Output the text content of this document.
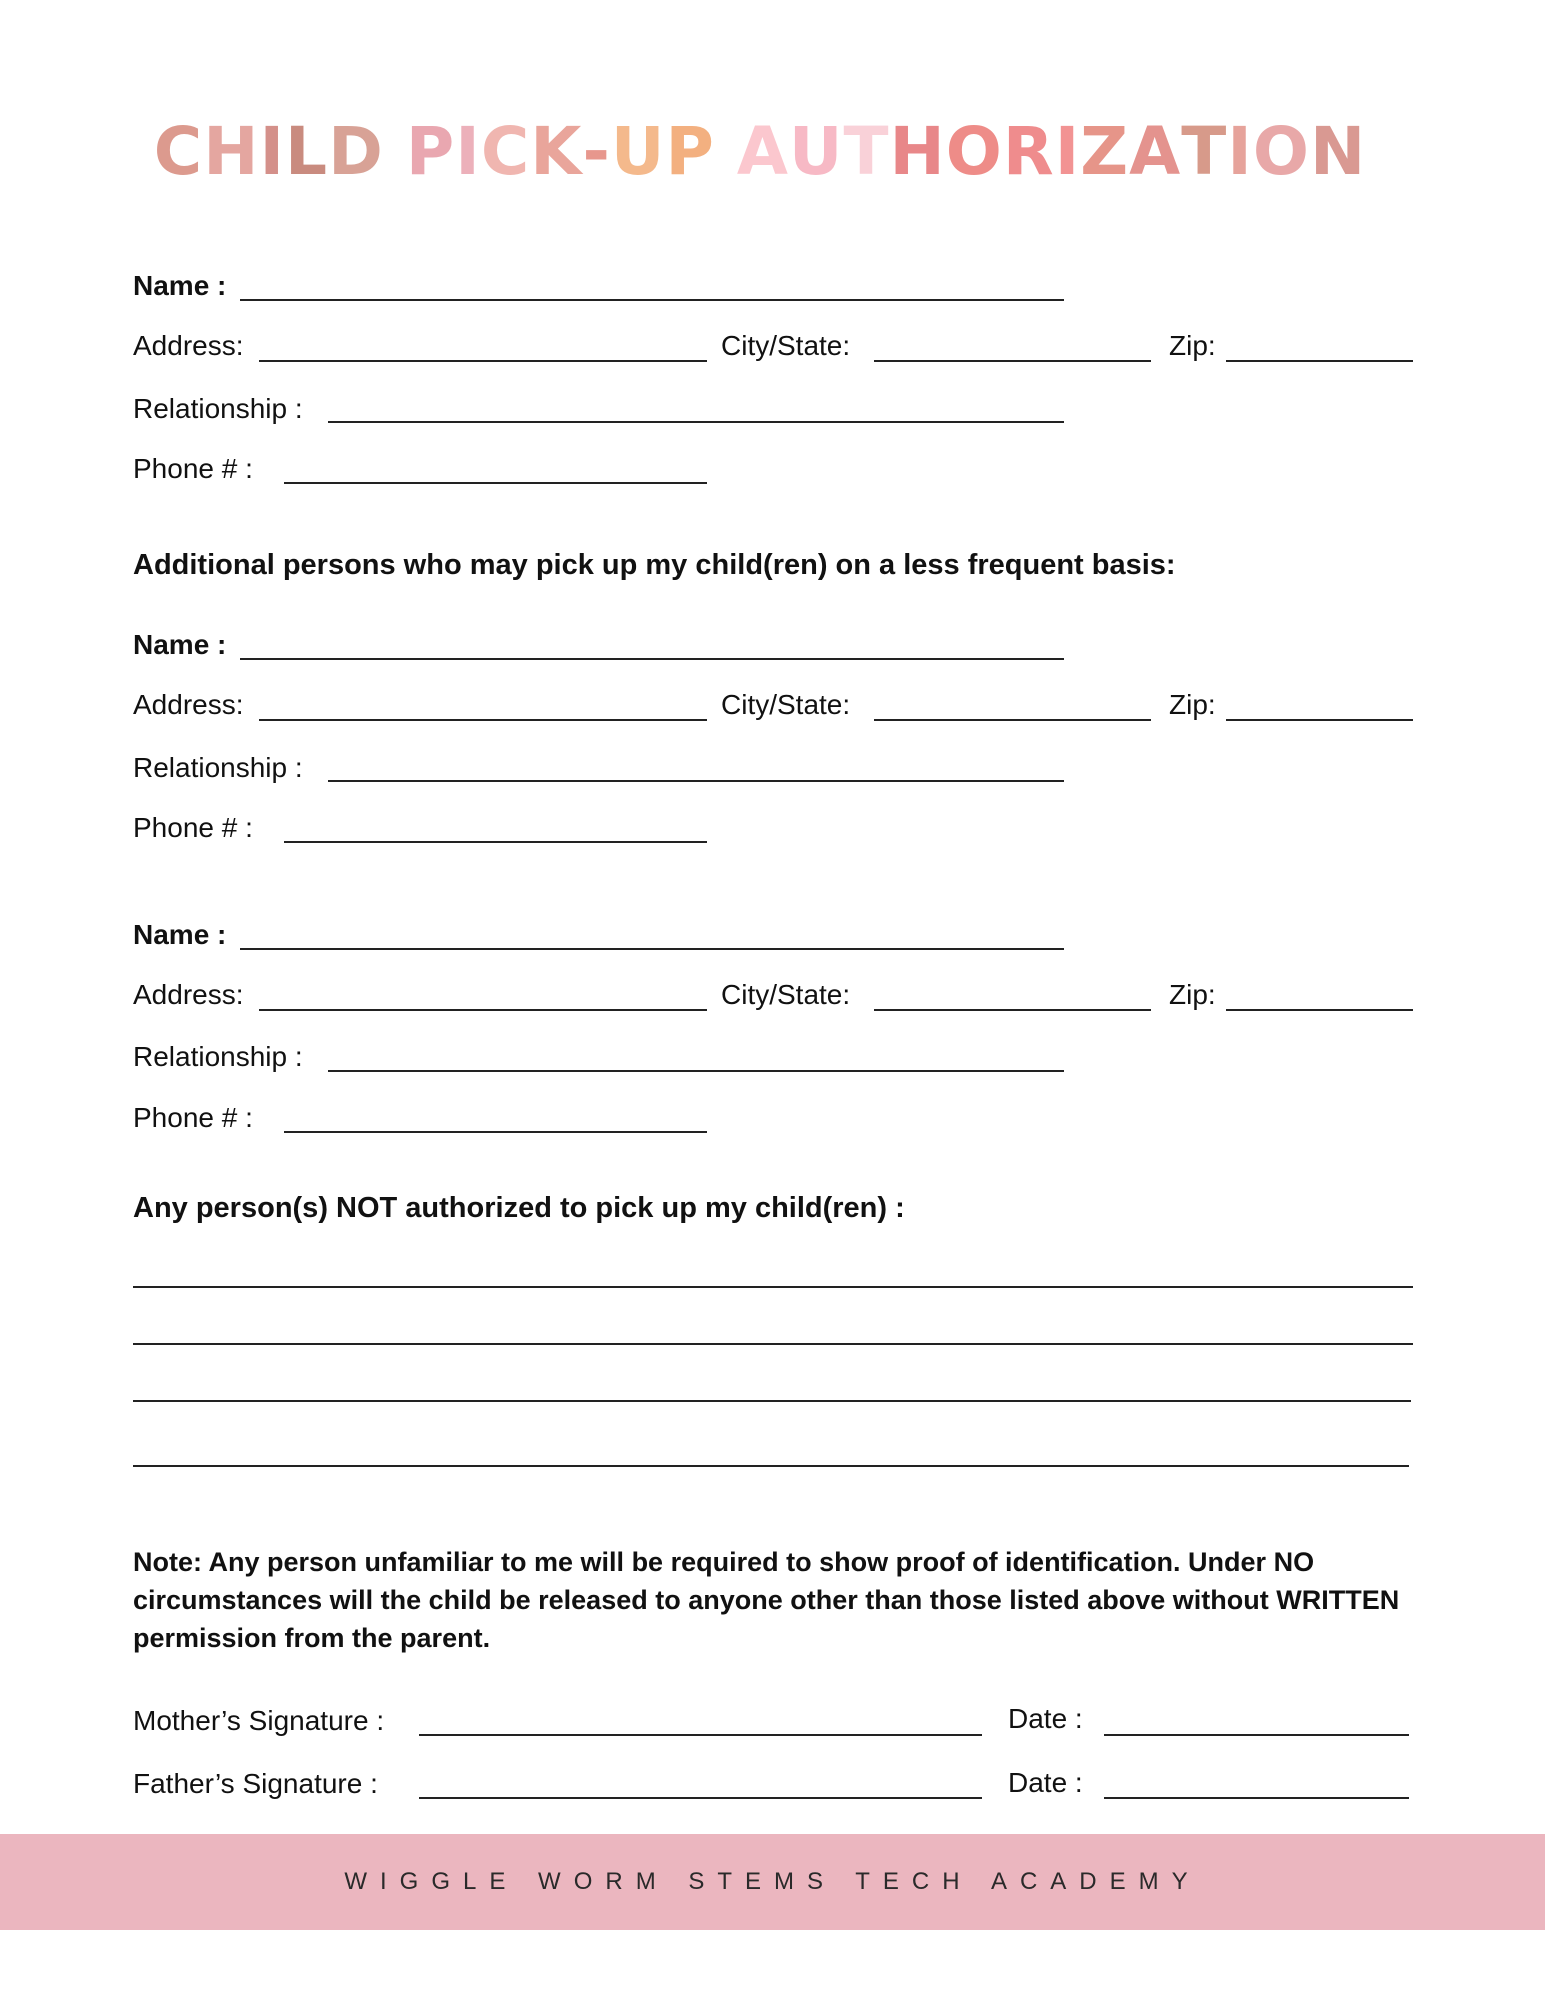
CHILD PICK-UP AUTHORIZATION
Name :
Address:	City/State:	Zip:
Relationship :
Phone # :
Additional persons who may pick up my child(ren) on a less frequent basis:
Name :
Address:	City/State:	Zip:
Relationship :
Phone # :
Name :
Address:	City/State:	Zip:
Relationship :
Phone # :
Any person(s) NOT authorized to pick up my child(ren) :
Note: Any person unfamiliar to me will be required to show proof of identification. Under NO circumstances will the child be released to anyone other than those listed above without WRITTEN permission from the parent.
Mother’s Signature :	Date :
Father’s Signature :	Date :
WIGGLE WORM STEMS TECH ACADEMY
